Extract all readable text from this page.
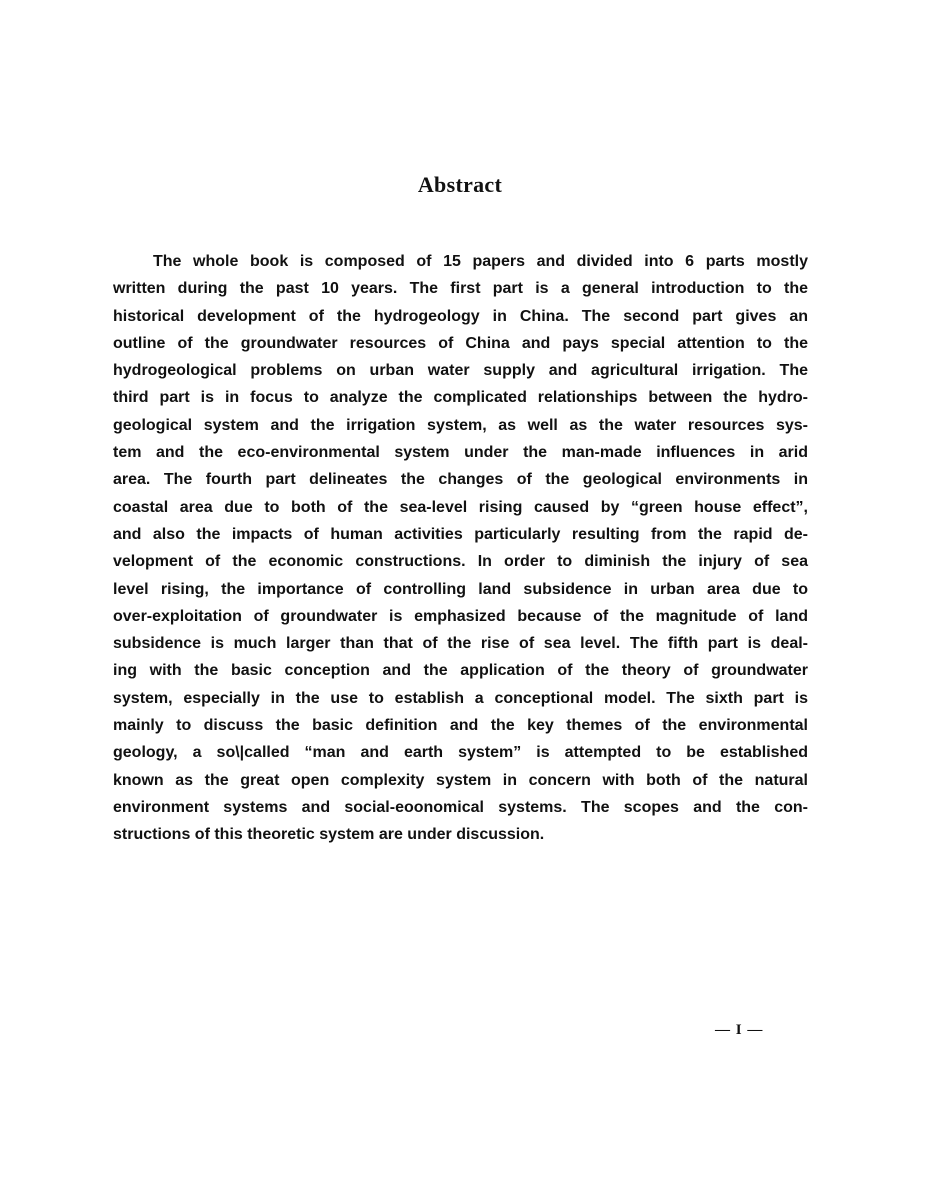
Abstract
The whole book is composed of 15 papers and divided into 6 parts mostly
written during the past 10 years. The first part is a general introduction to the
historical development of the hydrogeology in China. The second part gives an
outline of the groundwater resources of China and pays special attention to the
hydrogeological problems on urban water supply and agricultural irrigation. The
third part is in focus to analyze the complicated relationships between the hydro-
geological system and the irrigation system, as well as the water resources sys-
tem and the eco-environmental system under the man-made influences in arid
area. The fourth part delineates the changes of the geological environments in
coastal area due to both of the sea-level rising caused by “green house effect”,
and also the impacts of human activities particularly resulting from the rapid de-
velopment of the economic constructions. In order to diminish the injury of sea
level rising, the importance of controlling land subsidence in urban area due to
over-exploitation of groundwater is emphasized because of the magnitude of land
subsidence is much larger than that of the rise of sea level. The fifth part is deal-
ing with the basic conception and the application of the theory of groundwater
system, especially in the use to establish a conceptional model. The sixth part is
mainly to discuss the basic definition and the key themes of the environmental
geology, a so\|called “man and earth system” is attempted to be established
known as the great open complexity system in concern with both of the natural
environment systems and social-eoonomical systems. The scopes and the con-
structions of this theoretic system are under discussion.
— I —
